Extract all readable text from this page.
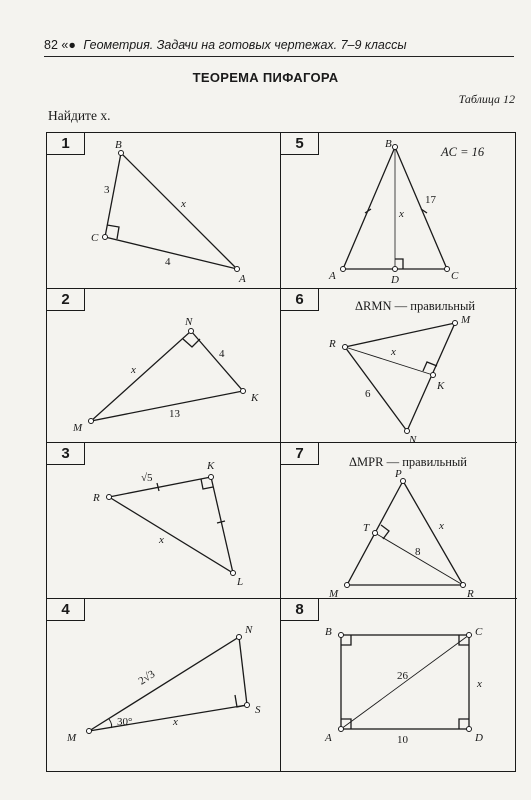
82 «● Геометрия. Задачи на готовых чертежах. 7–9 классы
ТЕОРЕМА ПИФАГОРА
Таблица 12
Найдите x.
1	B
C
A
3
4
x
5	AC = 16
B
A	D	C
17
x
2
N
K
M
4
13
x
6	ΔRMN — правильный
R
M
K
N
6
x
3
R
K
L
√5
x
7	ΔMPR — правильный
P
T
M	R
8
x
4
N
S
M
2√3
30°	x
8
B	C
A	D
26
10
x
